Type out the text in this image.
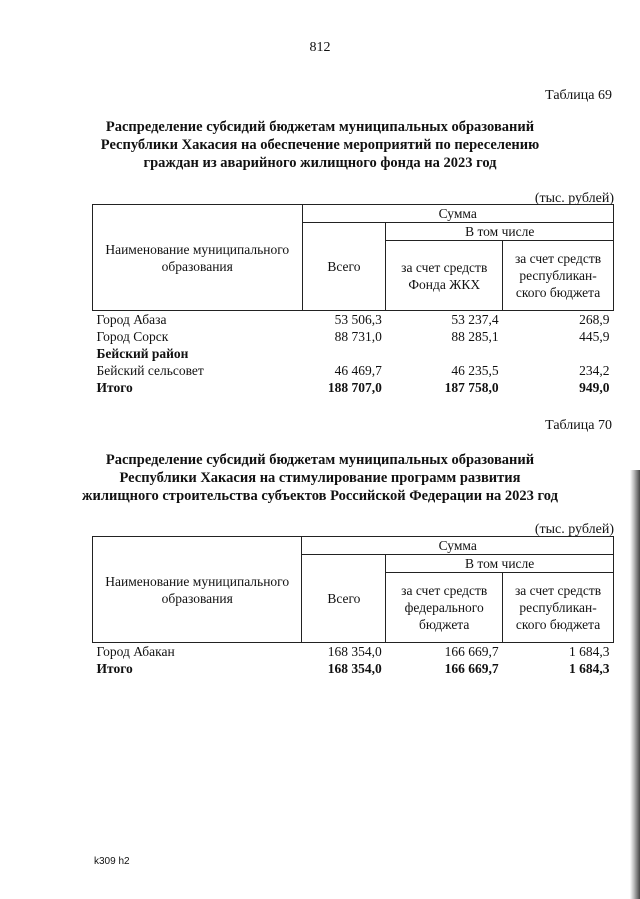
812
Таблица 69

Распределение субсидий бюджетам муниципальных образований Республики Хакасия на обеспечение мероприятий по переселению граждан из аварийного жилищного фонда на 2023 год

(тыс. рублей)
Наименование муниципального образования	Сумма		
	Всего	В том числе	
		за счет средств Фонда ЖКХ	за счет средств республикан-ского бюджета
Город Абаза	53 506,3	53 237,4	268,9
Город Сорск	88 731,0	88 285,1	445,9
Бейский район			
Бейский сельсовет	46 469,7	46 235,5	234,2
Итого	188 707,0	187 758,0	949,0
Таблица 70

Распределение субсидий бюджетам муниципальных образований Республики Хакасия на стимулирование программ развития жилищного строительства субъектов Российской Федерации на 2023 год

(тыс. рублей)
Наименование муниципального образования	Сумма		
	Всего	В том числе	
		за счет средств федерального бюджета	за счет средств республикан-ского бюджета
Город Абакан	168 354,0	166 669,7	1 684,3
Итого	168 354,0	166 669,7	1 684,3
k309 h2
